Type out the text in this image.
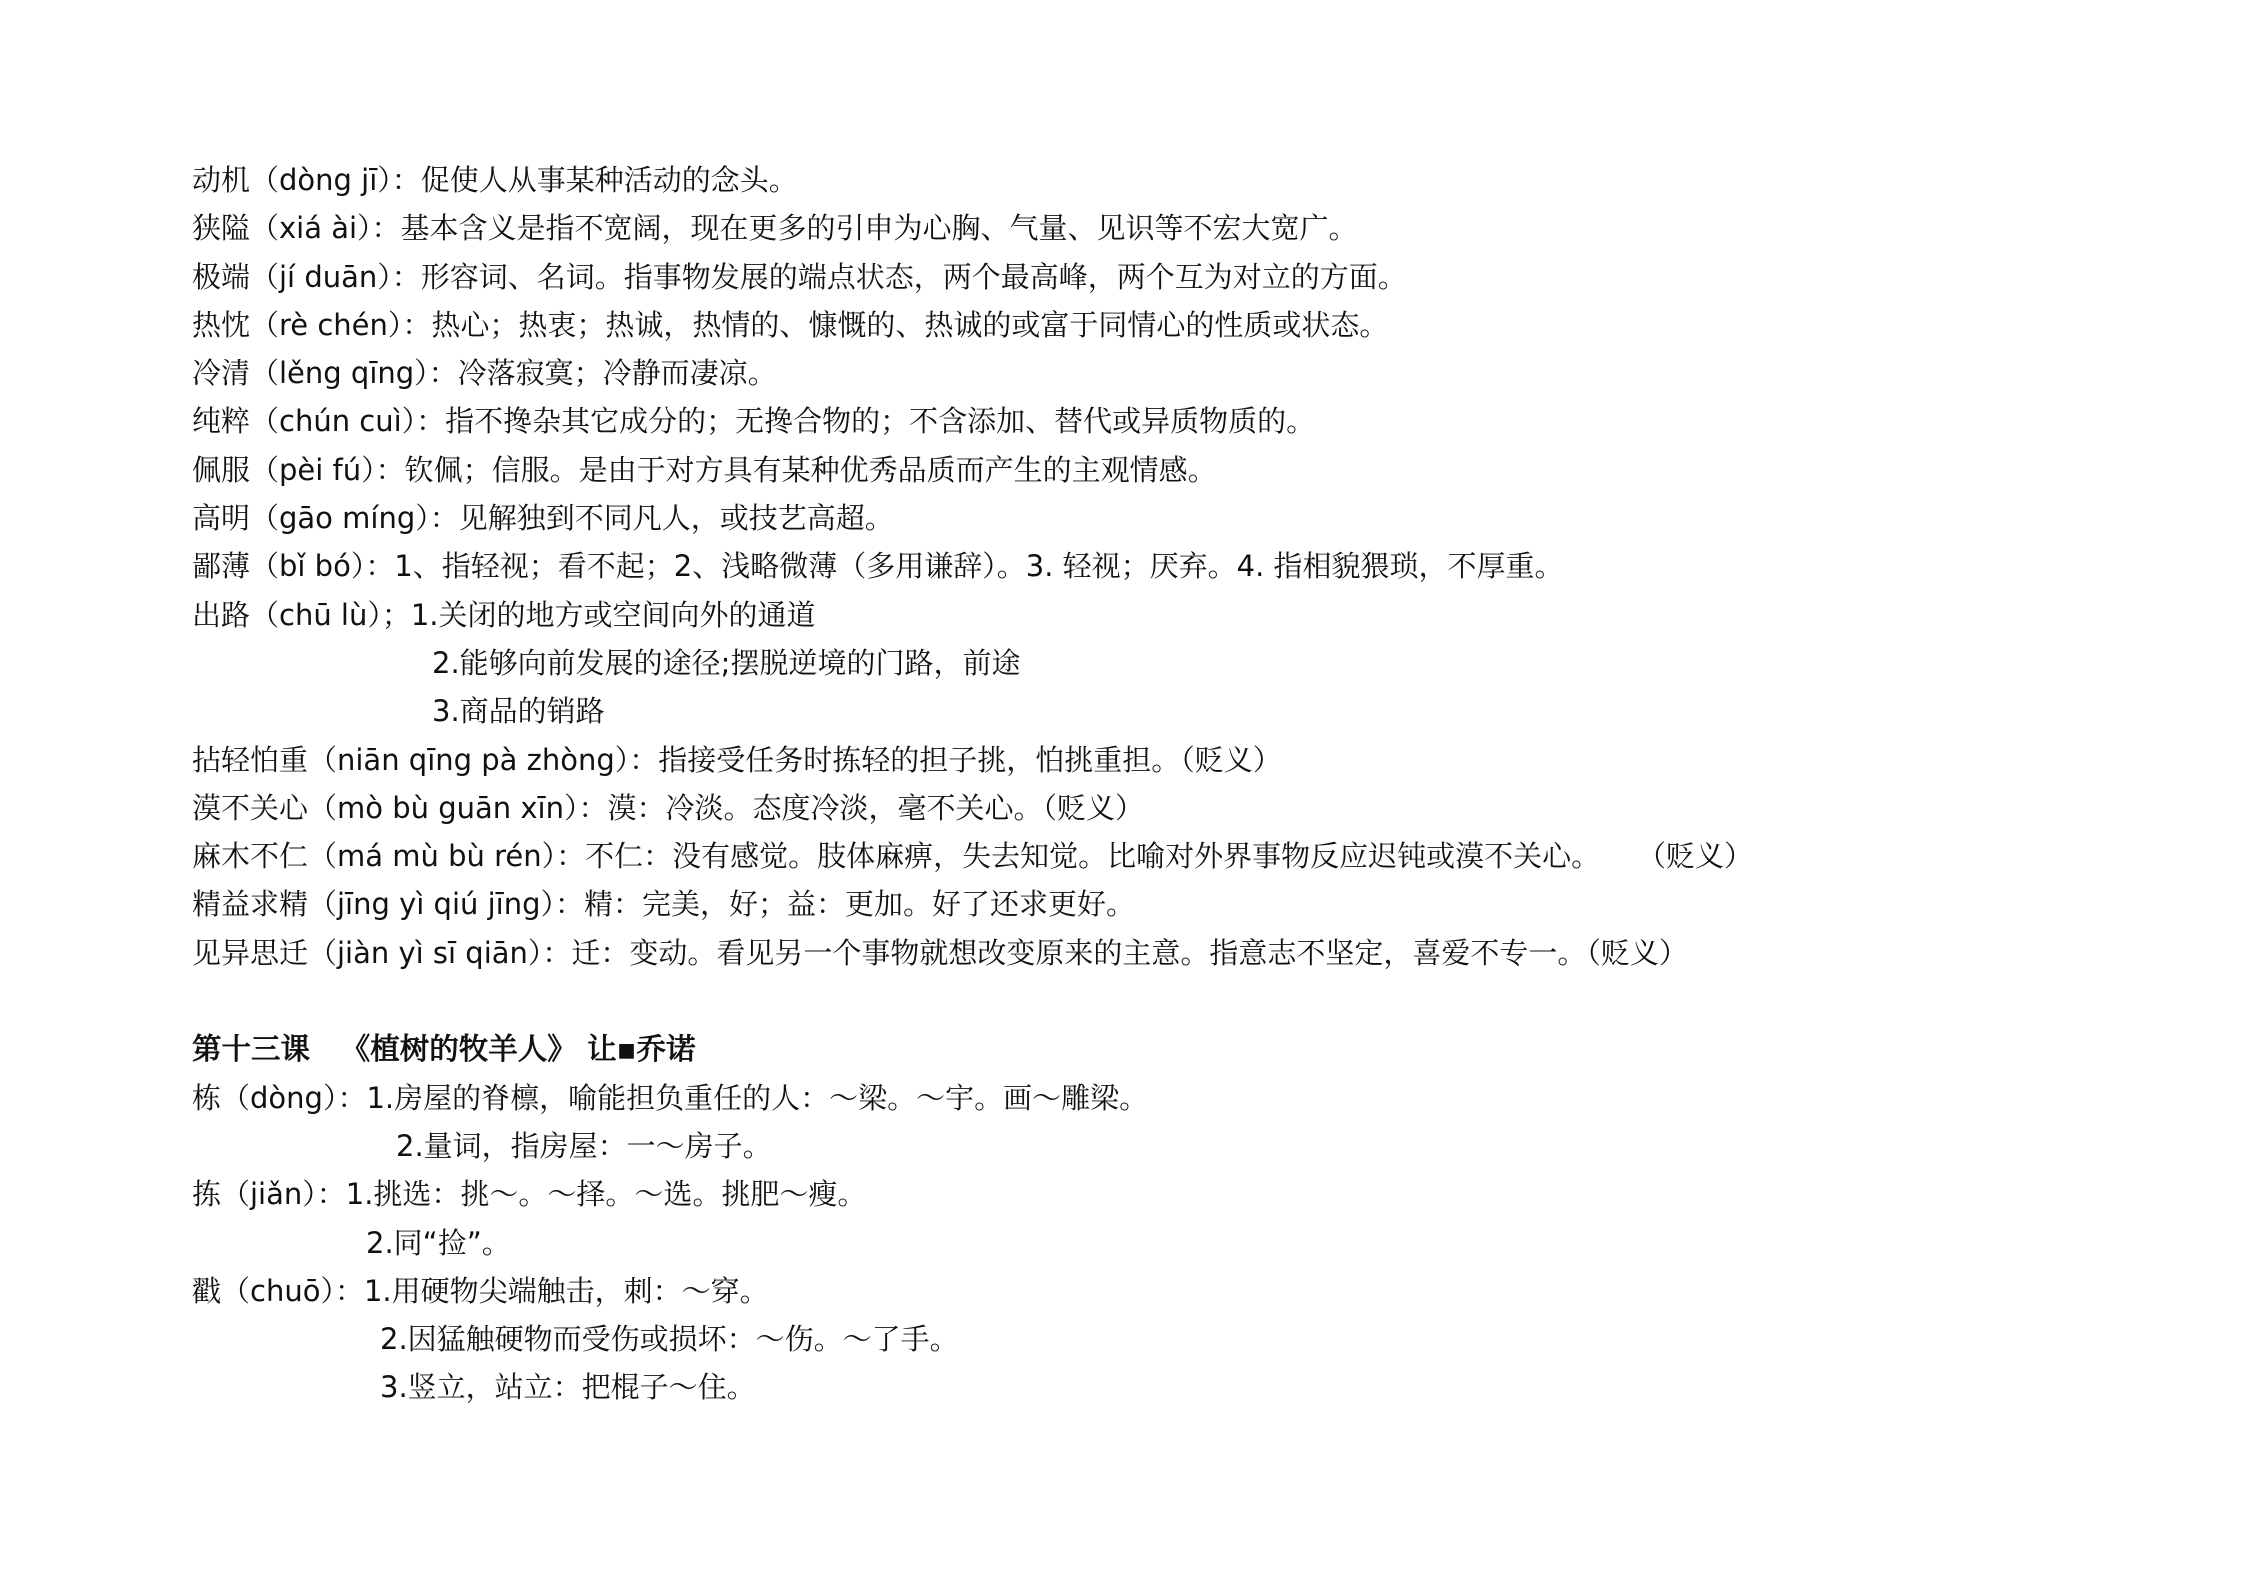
动机（dòng jī）：促使人从事某种活动的念头。
狭隘（xiá ài）：基本含义是指不宽阔，现在更多的引申为心胸、气量、见识等不宏大宽广。
极端（jí duān）：形容词、名词。指事物发展的端点状态，两个最高峰，两个互为对立的方面。
热忱（rè chén）：热心；热衷；热诚，热情的、慷慨的、热诚的或富于同情心的性质或状态。
冷清（lěng qīng）：冷落寂寞；冷静而凄凉。
纯粹（chún cuì）：指不搀杂其它成分的；无搀合物的；不含添加、替代或异质物质的。
佩服（pèi fú）：钦佩；信服。是由于对方具有某种优秀品质而产生的主观情感。
高明（gāo míng）：见解独到不同凡人，或技艺高超。
鄙薄（bǐ bó）：1、指轻视；看不起；2、浅略微薄（多用谦辞）。3. 轻视；厌弃。4. 指相貌猥琐，不厚重。
出路（chū lù）；1.关闭的地方或空间向外的通道
2.能够向前发展的途径;摆脱逆境的门路，前途
3.商品的销路
拈轻怕重（niān qīng pà zhòng）：指接受任务时拣轻的担子挑，怕挑重担。（贬义）
漠不关心（mò bù guān xīn）：漠：冷淡。态度冷淡，毫不关心。（贬义）
麻木不仁（má mù bù rén）：不仁：没有感觉。肢体麻痹，失去知觉。比喻对外界事物反应迟钝或漠不关心。    （贬义）
精益求精（jīng yì qiú jīng）：精：完美，好；益：更加。好了还求更好。
见异思迁（jiàn yì sī qiān）：迁：变动。看见另一个事物就想改变原来的主意。指意志不坚定，喜爱不专一。（贬义）
第十三课   《植树的牧羊人》 让▪乔诺
栋（dòng）：1.房屋的脊檩，喻能担负重任的人：～梁。～宇。画～雕梁。
2.量词，指房屋：一～房子。
拣（jiǎn）：1.挑选：挑～。～择。～选。挑肥～瘦。
2.同“捡”。
戳（chuō）：1.用硬物尖端触击，刺：～穿。
2.因猛触硬物而受伤或损坏：～伤。～了手。
3.竖立，站立：把棍子～住。
